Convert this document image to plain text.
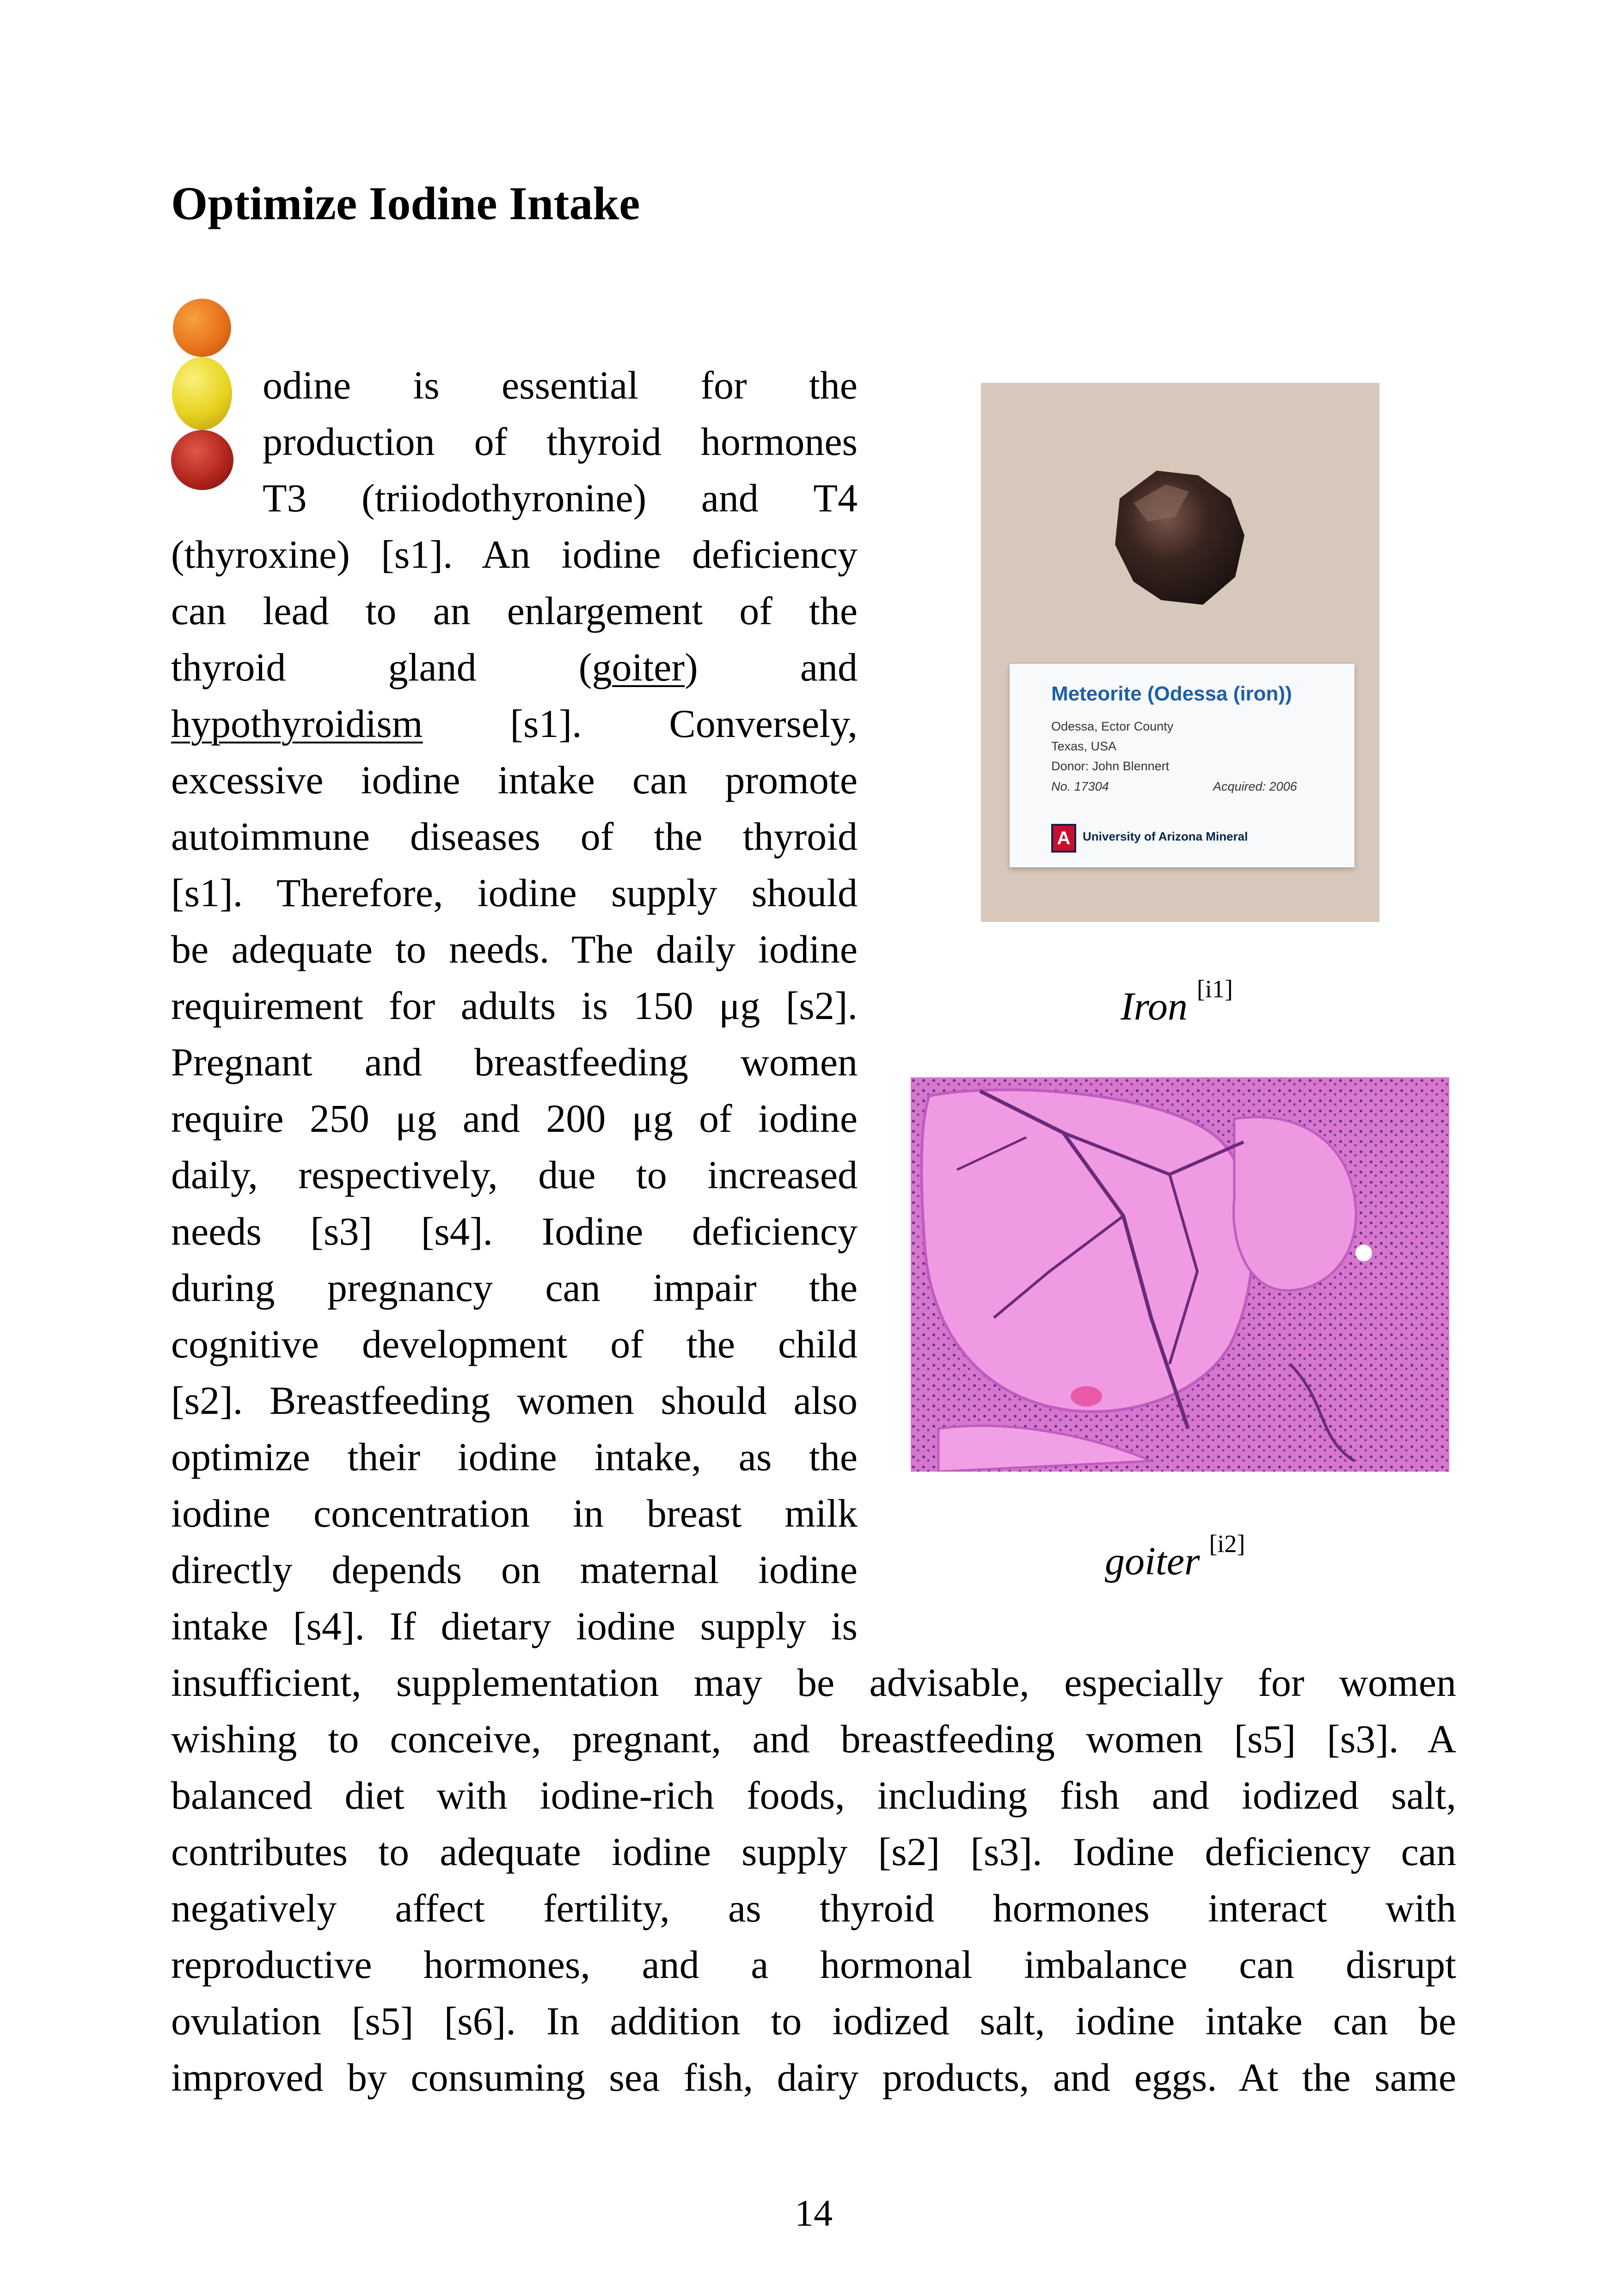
Optimize Iodine Intake
odine is essential for the
production of thyroid hormones
T3 (triiodothyronine) and T4
(thyroxine) [s1]. An iodine deficiency
can lead to an enlargement of the
thyroid	gland	(goiter)	and
hypothyroidism [s1]. Conversely,
excessive iodine intake can promote
autoimmune diseases of the thyroid
[s1]. Therefore, iodine supply should
be adequate to needs. The daily iodine
requirement for adults is 150 μg [s2].
Pregnant and breastfeeding women
require 250 μg and 200 μg of iodine
daily, respectively, due to increased
needs [s3] [s4]. Iodine deficiency
during pregnancy can impair the
cognitive development of the child
[s2]. Breastfeeding women should also
optimize their iodine intake, as the
iodine concentration in breast milk
directly depends on maternal iodine
intake [s4]. If dietary iodine supply is
insufficient, supplementation may be advisable, especially for women
wishing to conceive, pregnant, and breastfeeding women [s5] [s3]. A
balanced diet with iodine-rich foods, including fish and iodized salt,
contributes to adequate iodine supply [s2] [s3]. Iodine deficiency can
negatively affect fertility, as thyroid hormones interact with
reproductive hormones, and a hormonal imbalance can disrupt
ovulation [s5] [s6]. In addition to iodized salt, iodine intake can be
improved by consuming sea fish, dairy products, and eggs. At the same
Meteorite (Odessa (iron))
Odessa, Ector County
Texas, USA
Donor: John Blennert
No. 17304	Acquired: 2006
A	University of Arizona Mineral
Iron [i1]
goiter [i2]
14
